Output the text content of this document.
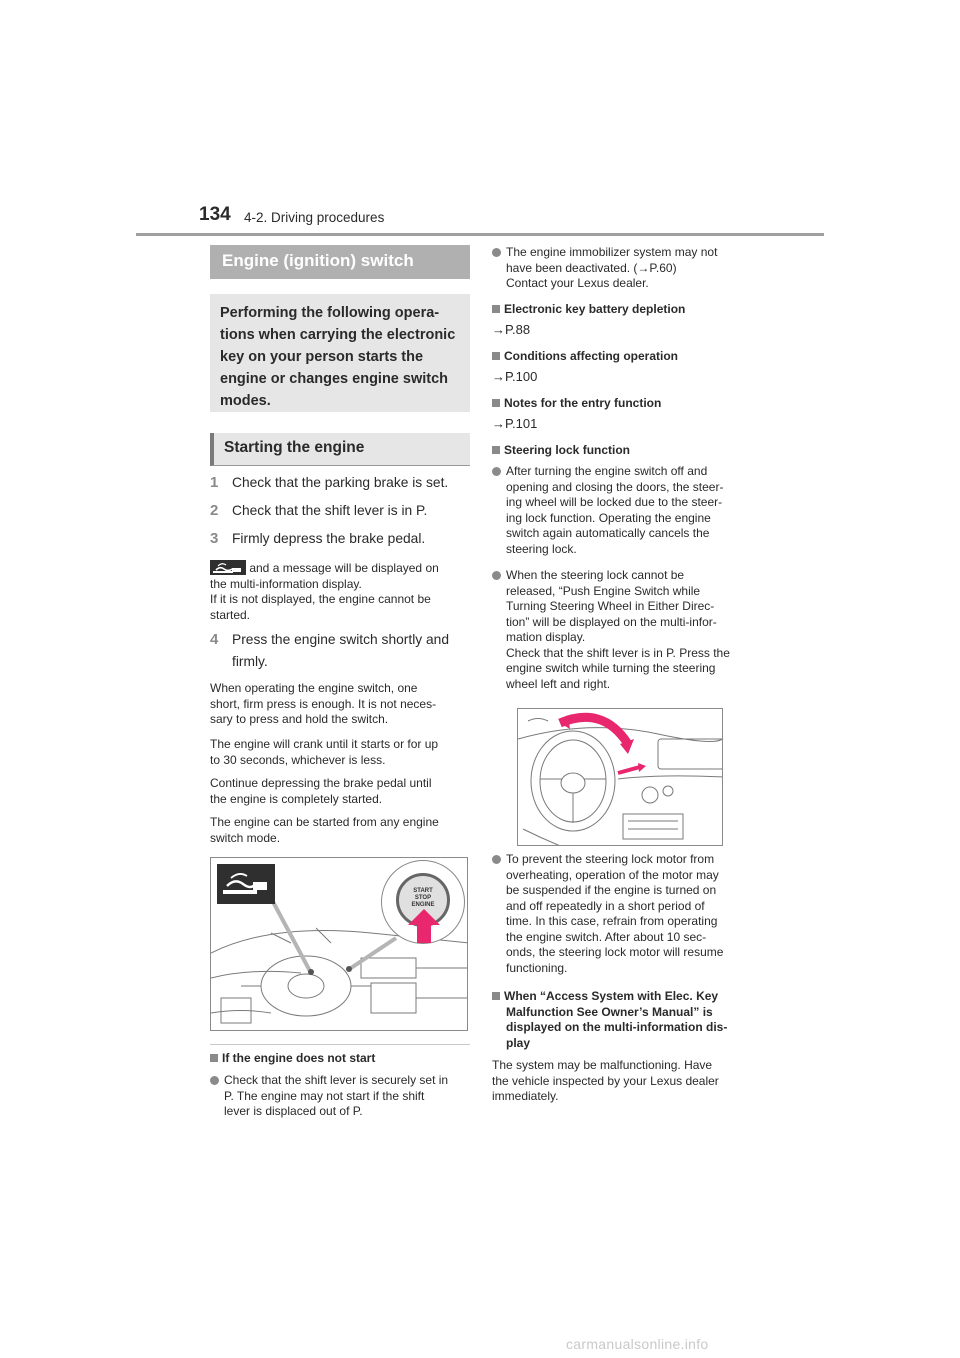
134 4-2. Driving procedures
Engine (ignition) switch
Performing the following opera-
tions when carrying the electronic
key on your person starts the
engine or changes engine switch
modes.
Starting the engine
1 Check that the parking brake is set.
2 Check that the shift lever is in P.
3 Firmly depress the brake pedal.
and a message will be displayed on
the multi-information display.
If it is not displayed, the engine cannot be
started.
4 Press the engine switch shortly and
firmly.
When operating the engine switch, one
short, firm press is enough. It is not neces-
sary to press and hold the switch.
The engine will crank until it starts or for up
to 30 seconds, whichever is less.
Continue depressing the brake pedal until
the engine is completely started.
The engine can be started from any engine
switch mode.
START
STOP
ENGINE
If the engine does not start
Check that the shift lever is securely set in
P. The engine may not start if the shift
lever is displaced out of P.
The engine immobilizer system may not
have been deactivated. (→P.60)
Contact your Lexus dealer.
Electronic key battery depletion
→P.88
Conditions affecting operation
→P.100
Notes for the entry function
→P.101
Steering lock function
After turning the engine switch off and
opening and closing the doors, the steer-
ing wheel will be locked due to the steer-
ing lock function. Operating the engine
switch again automatically cancels the
steering lock.
When the steering lock cannot be
released, “Push Engine Switch while
Turning Steering Wheel in Either Direc-
tion” will be displayed on the multi-infor-
mation display.
Check that the shift lever is in P. Press the
engine switch while turning the steering
wheel left and right.
To prevent the steering lock motor from
overheating, operation of the motor may
be suspended if the engine is turned on
and off repeatedly in a short period of
time. In this case, refrain from operating
the engine switch. After about 10 sec-
onds, the steering lock motor will resume
functioning.
When “Access System with Elec. Key
Malfunction See Owner’s Manual” is
displayed on the multi-information dis-
play
The system may be malfunctioning. Have
the vehicle inspected by your Lexus dealer
immediately.
carmanualsonline.info
